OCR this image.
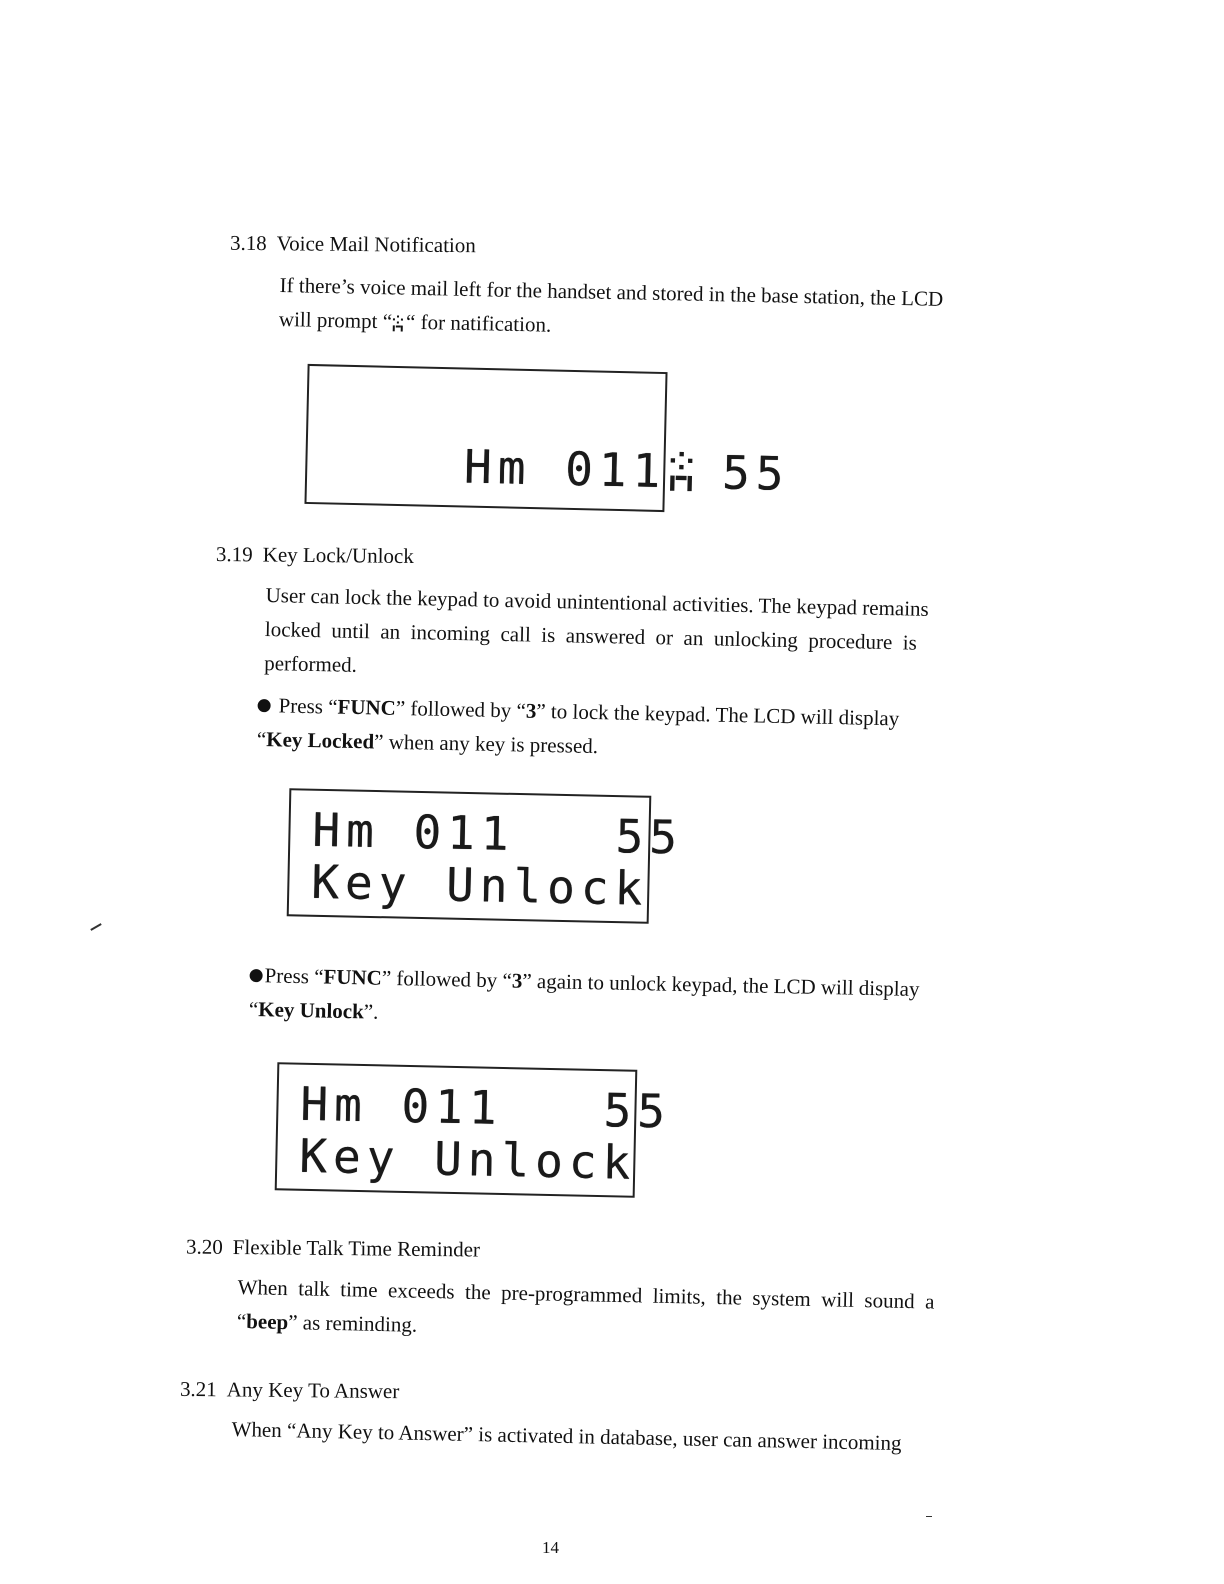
3.18 Voice Mail Notification
If there’s voice mail left for the handset and stored in the base station, the LCD
will prompt “ “ for natification.

Hm 011 55

3.19 Key Lock/Unlock
User can lock the keypad to avoid unintentional activities. The keypad remains
locked  until  an  incoming  call  is  answered  or  an  unlocking  procedure  is
performed.
Press “FUNC” followed by “3” to lock the keypad. The LCD will display
“Key Locked” when any key is pressed.
Hm 011   55
Key Unlock
Press “FUNC” followed by “3” again to unlock keypad, the LCD will display
“Key Unlock”.
Hm 011   55
Key Unlock
3.20 Flexible Talk Time Reminder
When  talk  time  exceeds  the  pre-programmed  limits,  the  system  will  sound  a
“beep” as reminding.
3.21 Any Key To Answer
When “Any Key to Answer” is activated in database, user can answer incoming
14
